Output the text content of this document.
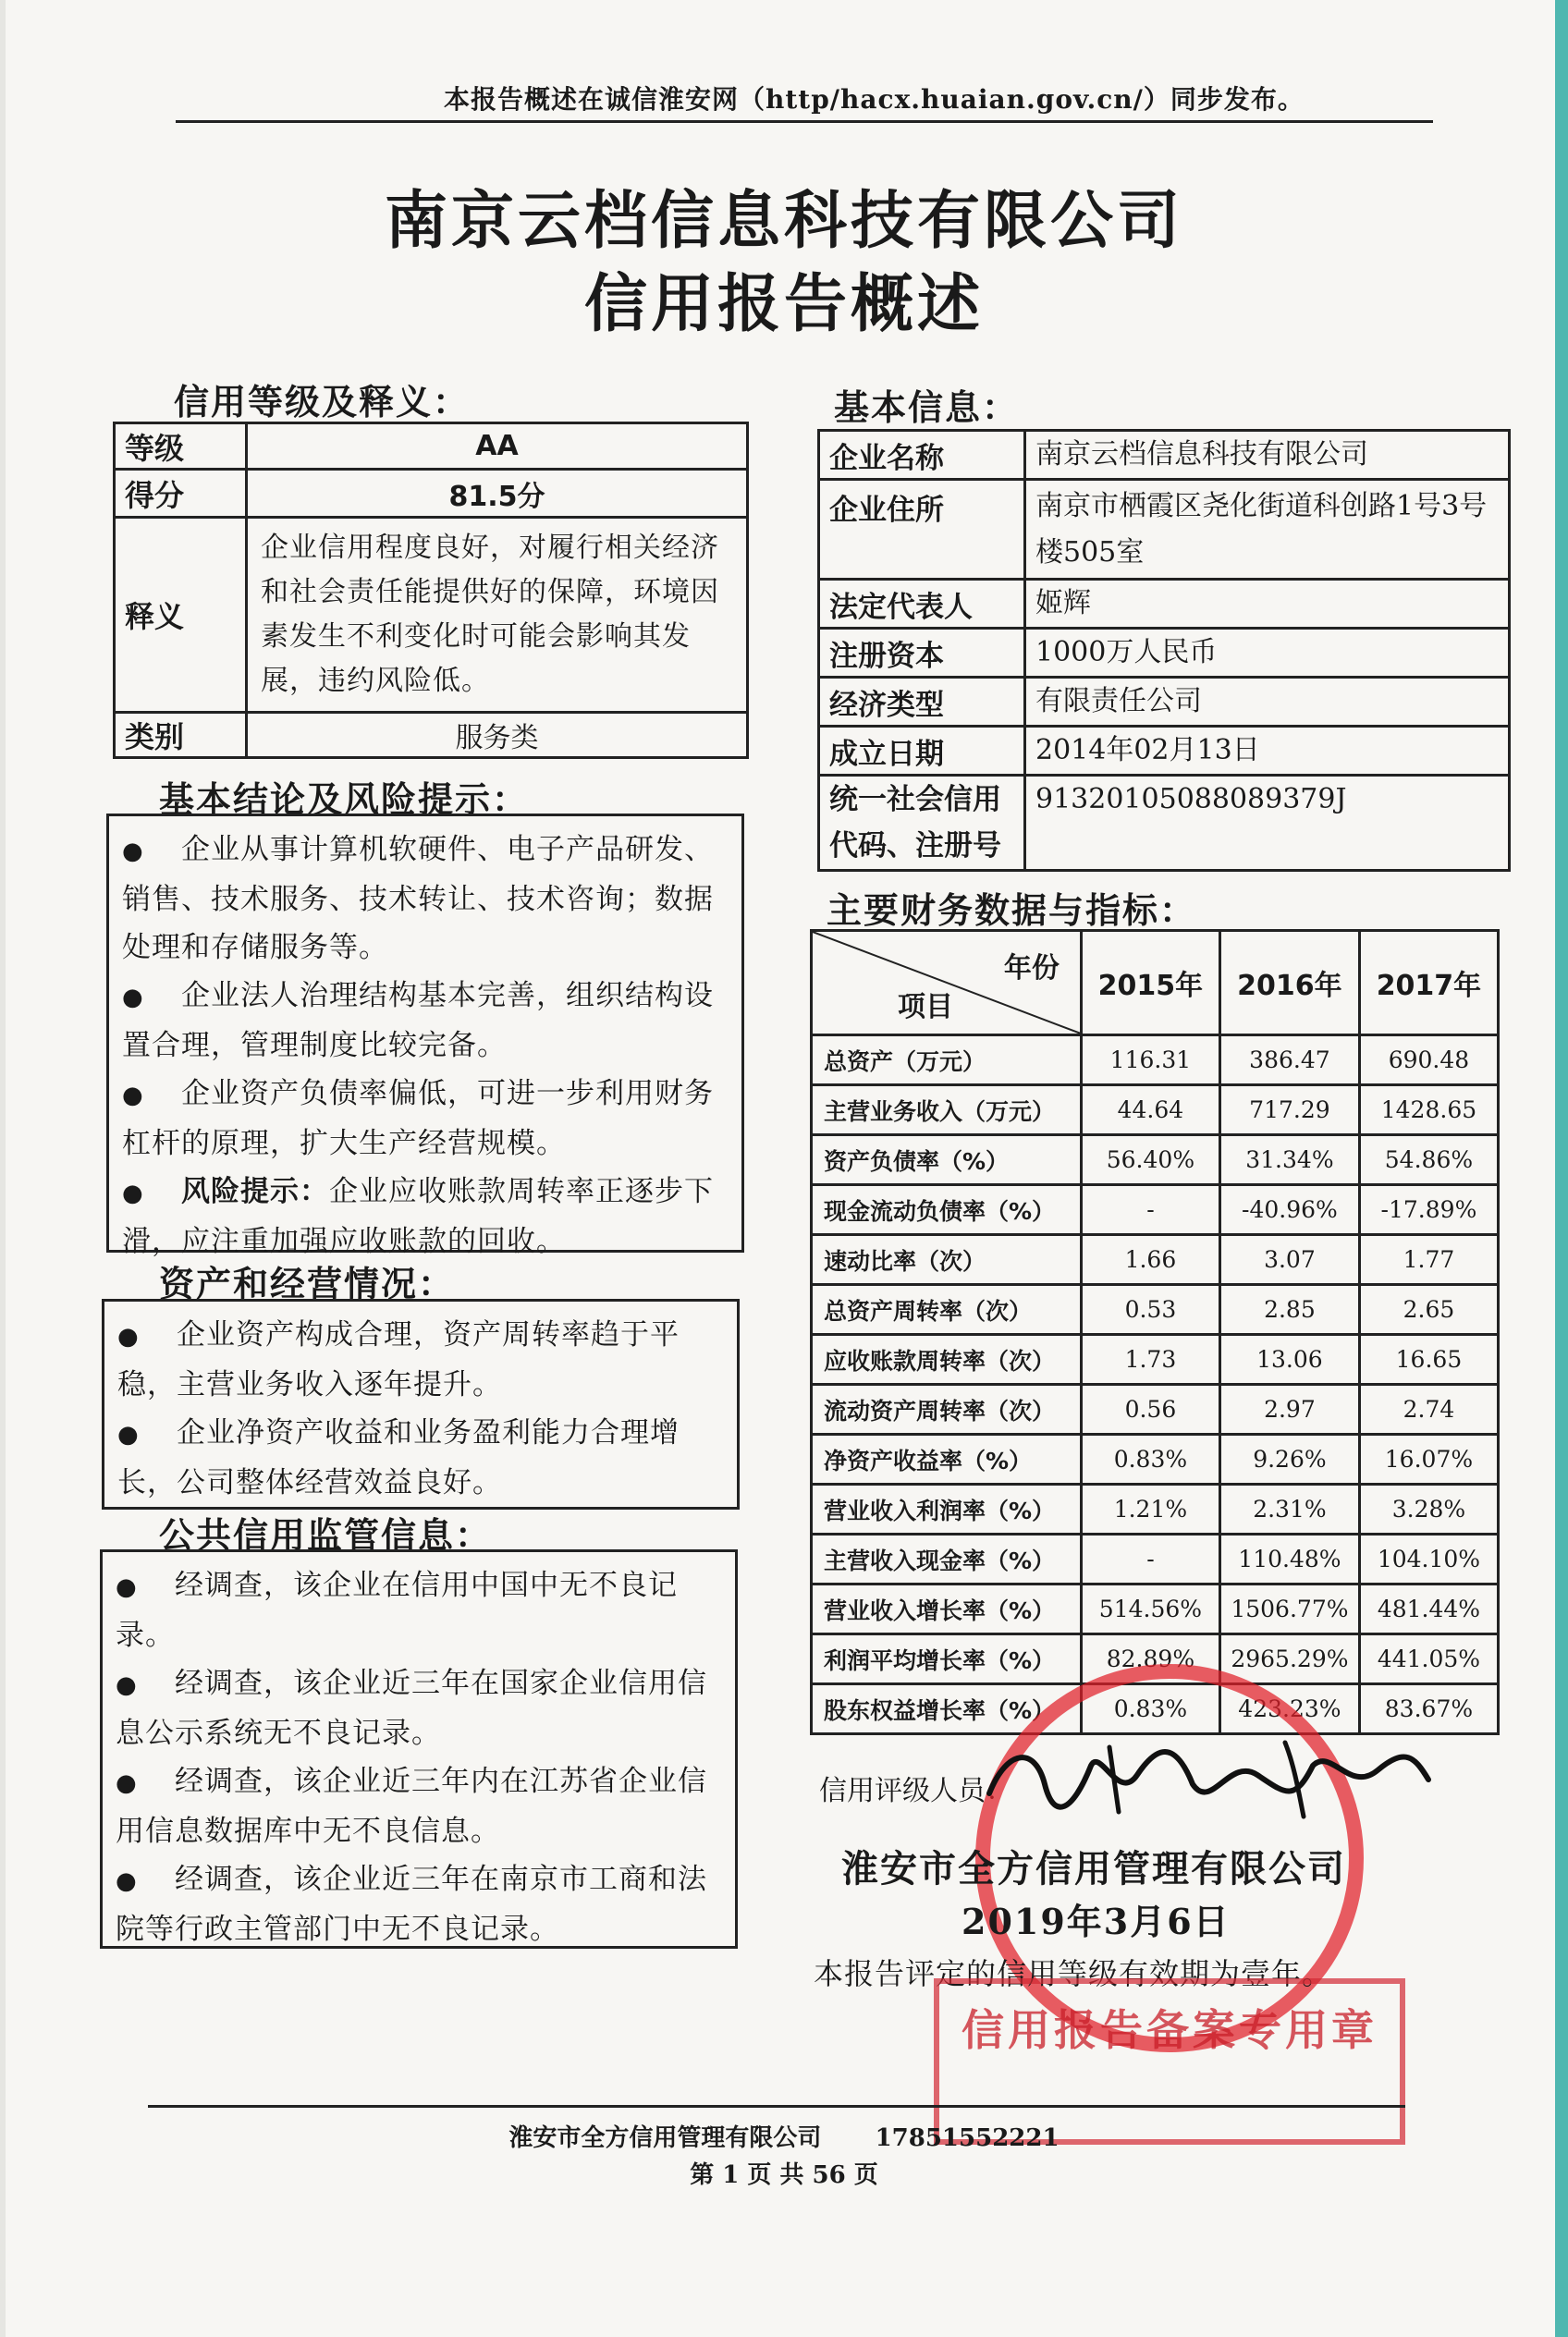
本报告概述在诚信淮安网（http/hacx.huaian.gov.cn/）同步发布。
南京云档信息科技有限公司
信用报告概述
信用等级及释义：
等级	AA
得分	81.5分
释义	企业信用程度良好，对履行相关经济和社会责任能提供好的保障，环境因素发生不利变化时可能会影响其发展，违约风险低。
类别	服务类
基本结论及风险提示：

● 企业从事计算机软硬件、电子产品研发、销售、技术服务、技术转让、技术咨询；数据处理和存储服务等。

● 企业法人治理结构基本完善，组织结构设置合理，管理制度比较完备。

● 企业资产负债率偏低，可进一步利用财务杠杆的原理，扩大生产经营规模。

● 风险提示：企业应收账款周转率正逐步下滑，应注重加强应收账款的回收。

资产和经营情况：

● 企业资产构成合理，资产周转率趋于平稳，主营业务收入逐年提升。

● 企业净资产收益和业务盈利能力合理增长，公司整体经营效益良好。

公共信用监管信息：

● 经调查，该企业在信用中国中无不良记录。

● 经调查，该企业近三年在国家企业信用信息公示系统无不良记录。

● 经调查，该企业近三年内在江苏省企业信用信息数据库中无不良信息。

● 经调查，该企业近三年在南京市工商和法院等行政主管部门中无不良记录。

基本信息：
企业名称	南京云档信息科技有限公司
企业住所	南京市栖霞区尧化街道科创路1号3号楼505室
法定代表人	姬辉
注册资本	1000万人民币
经济类型	有限责任公司
成立日期	2014年02月13日
统一社会信用代码、注册号	91320105088089379J
主要财务数据与指标：
年份
项目	2015年	2016年	2017年
总资产（万元）	116.31	386.47	690.48
主营业务收入（万元）	44.64	717.29	1428.65
资产负债率（%）	56.40%	31.34%	54.86%
现金流动负债率（%）	-	-40.96%	-17.89%
速动比率（次）	1.66	3.07	1.77
总资产周转率（次）	0.53	2.85	2.65
应收账款周转率（次）	1.73	13.06	16.65
流动资产周转率（次）	0.56	2.97	2.74
净资产收益率（%）	0.83%	9.26%	16.07%
营业收入利润率（%）	1.21%	2.31%	3.28%
主营收入现金率（%）	-	110.48%	104.10%
营业收入增长率（%）	514.56%	1506.77%	481.44%
利润平均增长率（%）	82.89%	2965.29%	441.05%
股东权益增长率（%）	0.83%	423.23%	83.67%
信用评级人员：
淮安市全方信用管理有限公司
2019年3月6日
本报告评定的信用等级有效期为壹年。
信用报告备案专用章
淮安市全方信用管理有限公司 17851552221
第 1 页 共 56 页
